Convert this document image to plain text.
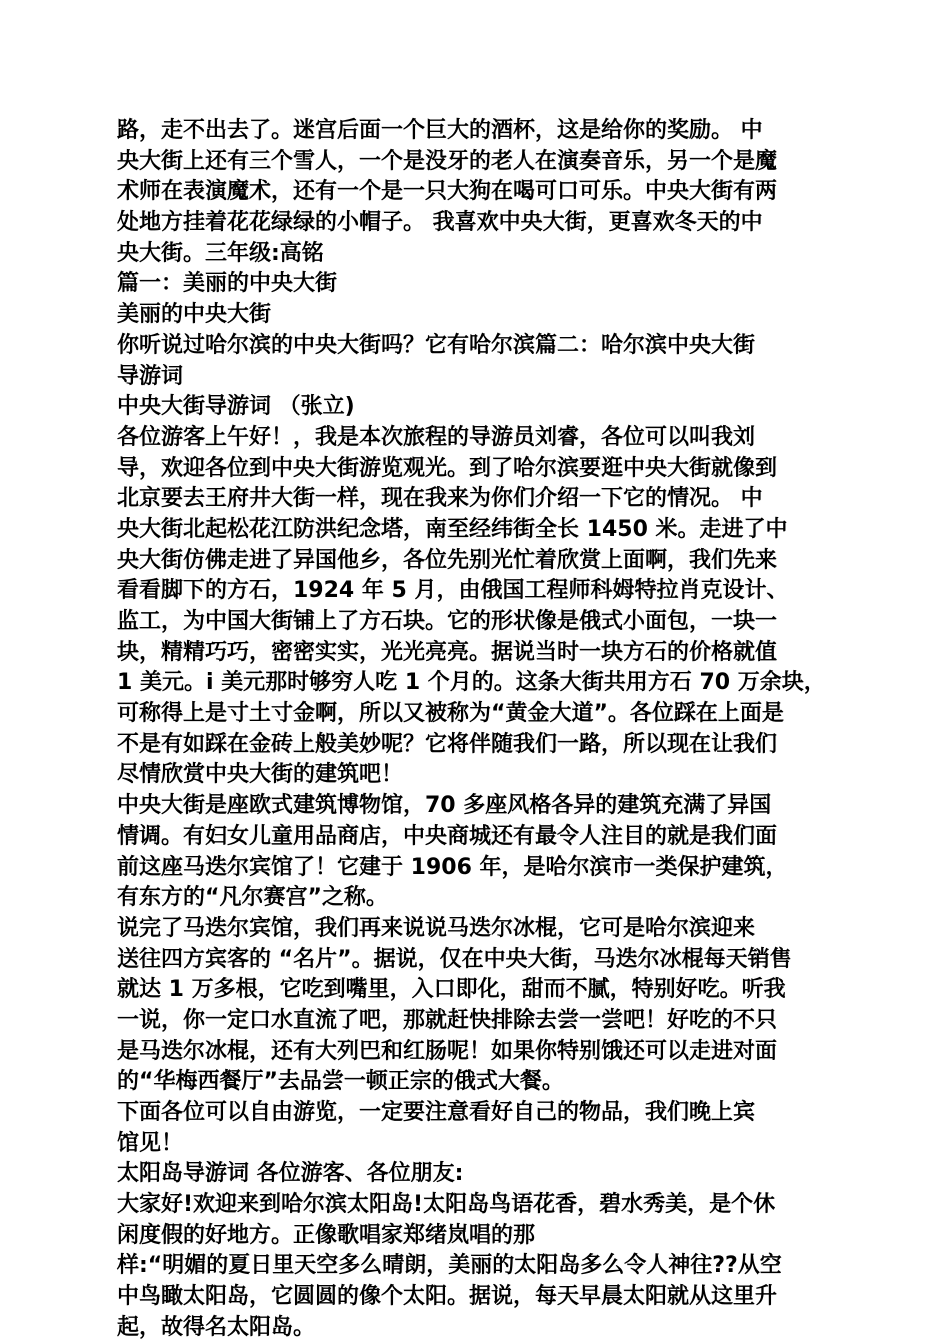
路，走不出去了。迷宫后面一个巨大的酒杯，这是给你的奖励。 中
央大街上还有三个雪人，一个是没牙的老人在演奏音乐，另一个是魔
术师在表演魔术，还有一个是一只大狗在喝可口可乐。中央大街有两
处地方挂着花花绿绿的小帽子。 我喜欢中央大街，更喜欢冬天的中
央大街。三年级:高铭
篇一：美丽的中央大街
美丽的中央大街
你听说过哈尔滨的中央大街吗？它有哈尔滨篇二：哈尔滨中央大街
导游词
中央大街导游词 （张立)
各位游客上午好！，我是本次旅程的导游员刘睿，各位可以叫我刘
导，欢迎各位到中央大街游览观光。到了哈尔滨要逛中央大街就像到
北京要去王府井大街一样，现在我来为你们介绍一下它的情况。 中
央大街北起松花江防洪纪念塔，南至经纬街全长 1450 米。走进了中
央大街仿佛走进了异国他乡，各位先别光忙着欣赏上面啊，我们先来
看看脚下的方石，1924 年 5 月，由俄国工程师科姆特拉肖克设计、
监工，为中国大街铺上了方石块。它的形状像是俄式小面包，一块一
块，精精巧巧，密密实实，光光亮亮。据说当时一块方石的价格就值
1 美元。i 美元那时够穷人吃 1 个月的。这条大街共用方石 70 万余块，
可称得上是寸土寸金啊，所以又被称为“黄金大道”。各位踩在上面是
不是有如踩在金砖上般美妙呢？它将伴随我们一路，所以现在让我们
尽情欣赏中央大街的建筑吧！
中央大街是座欧式建筑博物馆，70 多座风格各异的建筑充满了异国
情调。有妇女儿童用品商店，中央商城还有最令人注目的就是我们面
前这座马迭尔宾馆了！它建于 1906 年，是哈尔滨市一类保护建筑，
有东方的“凡尔赛宫”之称。
说完了马迭尔宾馆，我们再来说说马迭尔冰棍，它可是哈尔滨迎来
送往四方宾客的 “名片”。据说，仅在中央大街，马迭尔冰棍每天销售
就达 1 万多根，它吃到嘴里，入口即化，甜而不腻，特别好吃。听我
一说，你一定口水直流了吧，那就赶快排除去尝一尝吧！好吃的不只
是马迭尔冰棍，还有大列巴和红肠呢！如果你特别饿还可以走进对面
的“华梅西餐厅”去品尝一顿正宗的俄式大餐。
下面各位可以自由游览，一定要注意看好自己的物品，我们晚上宾
馆见！
太阳岛导游词 各位游客、各位朋友:
大家好!欢迎来到哈尔滨太阳岛!太阳岛鸟语花香，碧水秀美，是个休
闲度假的好地方。正像歌唱家郑绪岚唱的那
样:“明媚的夏日里天空多么晴朗，美丽的太阳岛多么令人神往??从空
中鸟瞰太阳岛，它圆圆的像个太阳。据说，每天早晨太阳就从这里升
起，故得名太阳岛。
